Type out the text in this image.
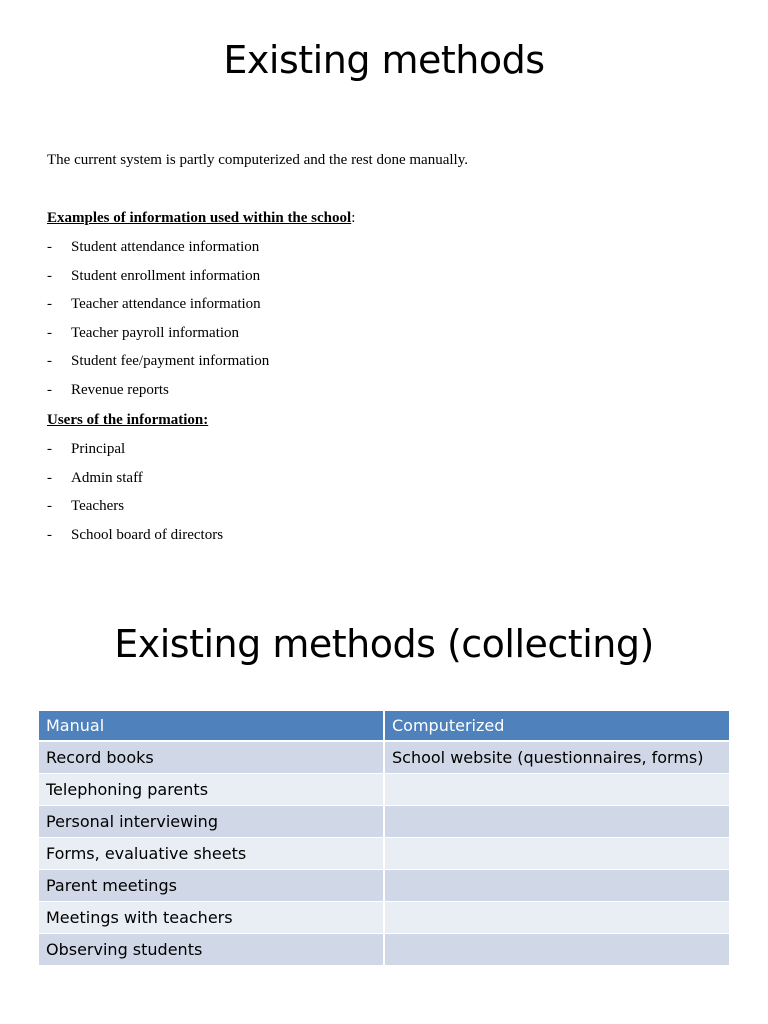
Existing methods
The current system is partly computerized and the rest done manually.
Examples of information used within the school:
- Student attendance information
- Student enrollment information
- Teacher attendance information
- Teacher payroll information
- Student fee/payment information
- Revenue reports
Users of the information:
- Principal
- Admin staff
- Teachers
- School board of directors
Existing methods (collecting)
Manual	Computerized
Record books	School website (questionnaires, forms)
Telephoning parents	
Personal interviewing	
Forms, evaluative sheets	
Parent meetings	
Meetings with teachers	
Observing students	
